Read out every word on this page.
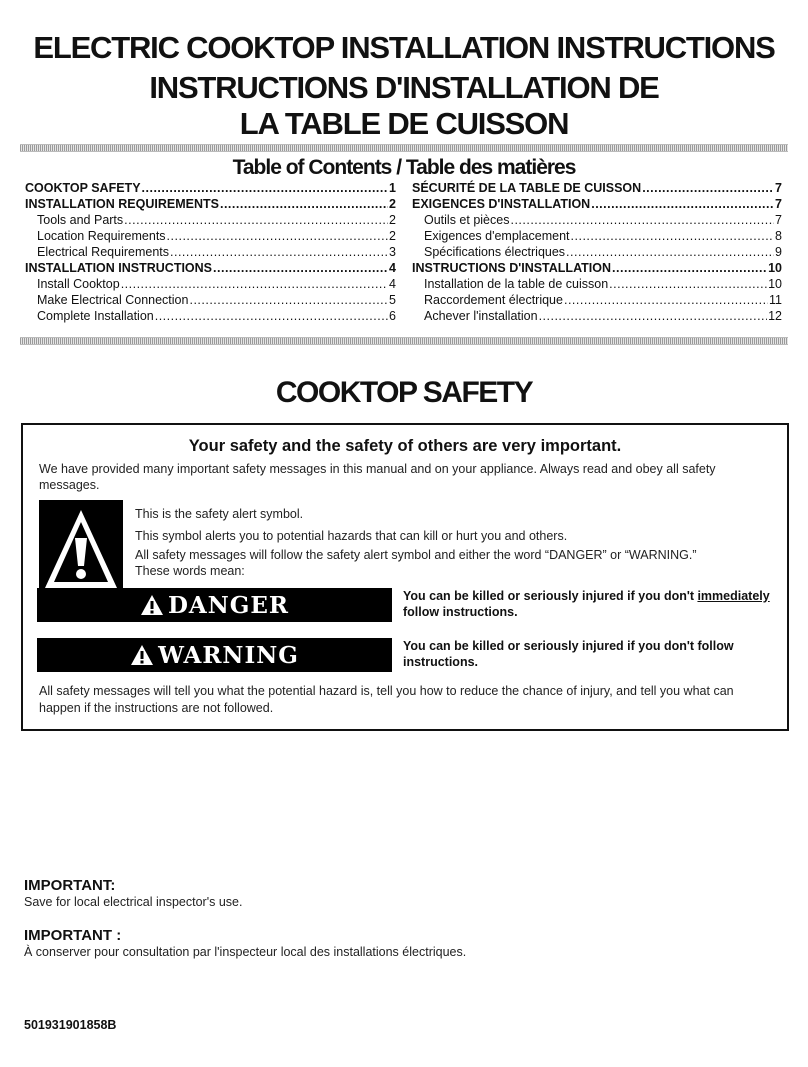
ELECTRIC COOKTOP INSTALLATION INSTRUCTIONS
INSTRUCTIONS D'INSTALLATION DE
LA TABLE DE CUISSON
Table of Contents / Table des matières
COOKTOP SAFETY .....	1
INSTALLATION REQUIREMENTS .....	2
Tools and Parts .....	2
Location Requirements .....	2
Electrical Requirements .....	3
INSTALLATION INSTRUCTIONS .....	4
Install Cooktop .....	4
Make Electrical Connection .....	5
Complete Installation .....	6
SÉCURITÉ DE LA TABLE DE CUISSON .....	7
EXIGENCES D'INSTALLATION .....	7
Outils et pièces .....	7
Exigences d'emplacement .....	8
Spécifications électriques .....	9
INSTRUCTIONS D'INSTALLATION .....	10
Installation de la table de cuisson .....	10
Raccordement électrique .....	11
Achever l'installation .....	12
COOKTOP SAFETY
Your safety and the safety of others are very important.
We have provided many important safety messages in this manual and on your appliance. Always read and obey all safety
messages.
This is the safety alert symbol.
This symbol alerts you to potential hazards that can kill or hurt you and others.
All safety messages will follow the safety alert symbol and either the word “DANGER” or “WARNING.”
These words mean:
DANGER	You can be killed or seriously injured if you don't immediately
follow instructions.
WARNING	You can be killed or seriously injured if you don't follow
instructions.
All safety messages will tell you what the potential hazard is, tell you how to reduce the chance of injury, and tell you what can
happen if the instructions are not followed.
IMPORTANT:
Save for local electrical inspector's use.
IMPORTANT :
À conserver pour consultation par l'inspecteur local des installations électriques.
501931901858B
